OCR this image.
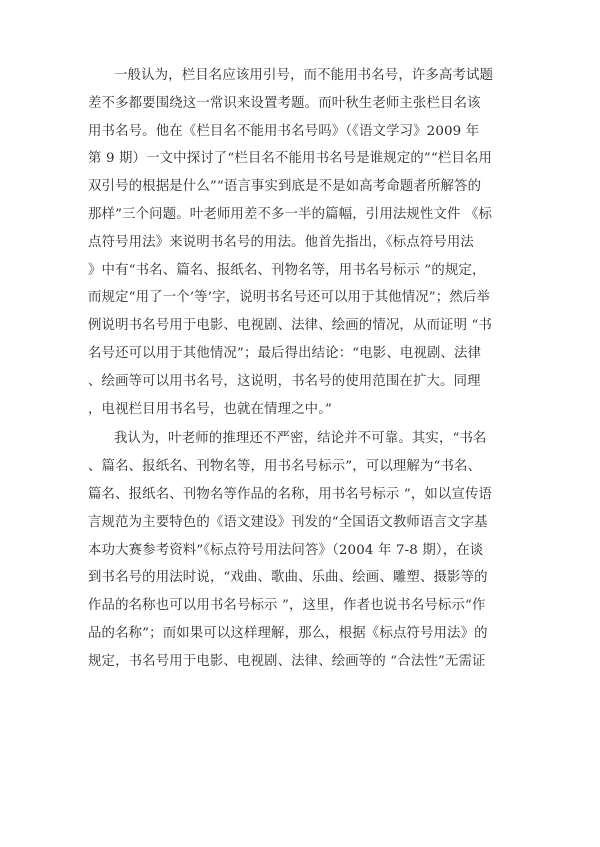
一般认为，栏目名应该用引号，而不能用书名号，许多高考试题
差不多都要围绕这一常识来设置考题。而叶秋生老师主张栏目名该
用书名号。他在《栏目名不能用书名号吗》（《语文学习》2009 年
第 9 期）一文中探讨了“栏目名不能用书名号是谁规定的”“栏目名用
双引号的根据是什么”“语言事实到底是不是如高考命题者所解答的
那样”三个问题。叶老师用差不多一半的篇幅，引用法规性文件 《标
点符号用法》来说明书名号的用法。他首先指出，《标点符号用法
》中有“书名、篇名、报纸名、刊物名等，用书名号标示 ”的规定，
而规定“用了一个‘等’字，说明书名号还可以用于其他情况”；然后举
例说明书名号用于电影、电视剧、法律、绘画的情况，从而证明 “书
名号还可以用于其他情况”；最后得出结论：“电影、电视剧、法律
、绘画等可以用书名号，这说明，书名号的使用范围在扩大。同理
，电视栏目用书名号，也就在情理之中。”
我认为，叶老师的推理还不严密，结论并不可靠。其实，“书名
、篇名、报纸名、刊物名等，用书名号标示”，可以理解为“书名、
篇名、报纸名、刊物名等作品的名称，用书名号标示 ”，如以宣传语
言规范为主要特色的《语文建设》刊发的“全国语文教师语言文字基
本功大赛参考资料”《标点符号用法问答》（2004 年 7-8 期），在谈
到书名号的用法时说，“戏曲、歌曲、乐曲、绘画、雕塑、摄影等的
作品的名称也可以用书名号标示 ”，这里，作者也说书名号标示“作
品的名称”；而如果可以这样理解，那么，根据《标点符号用法》的
规定，书名号用于电影、电视剧、法律、绘画等的 “合法性”无需证
